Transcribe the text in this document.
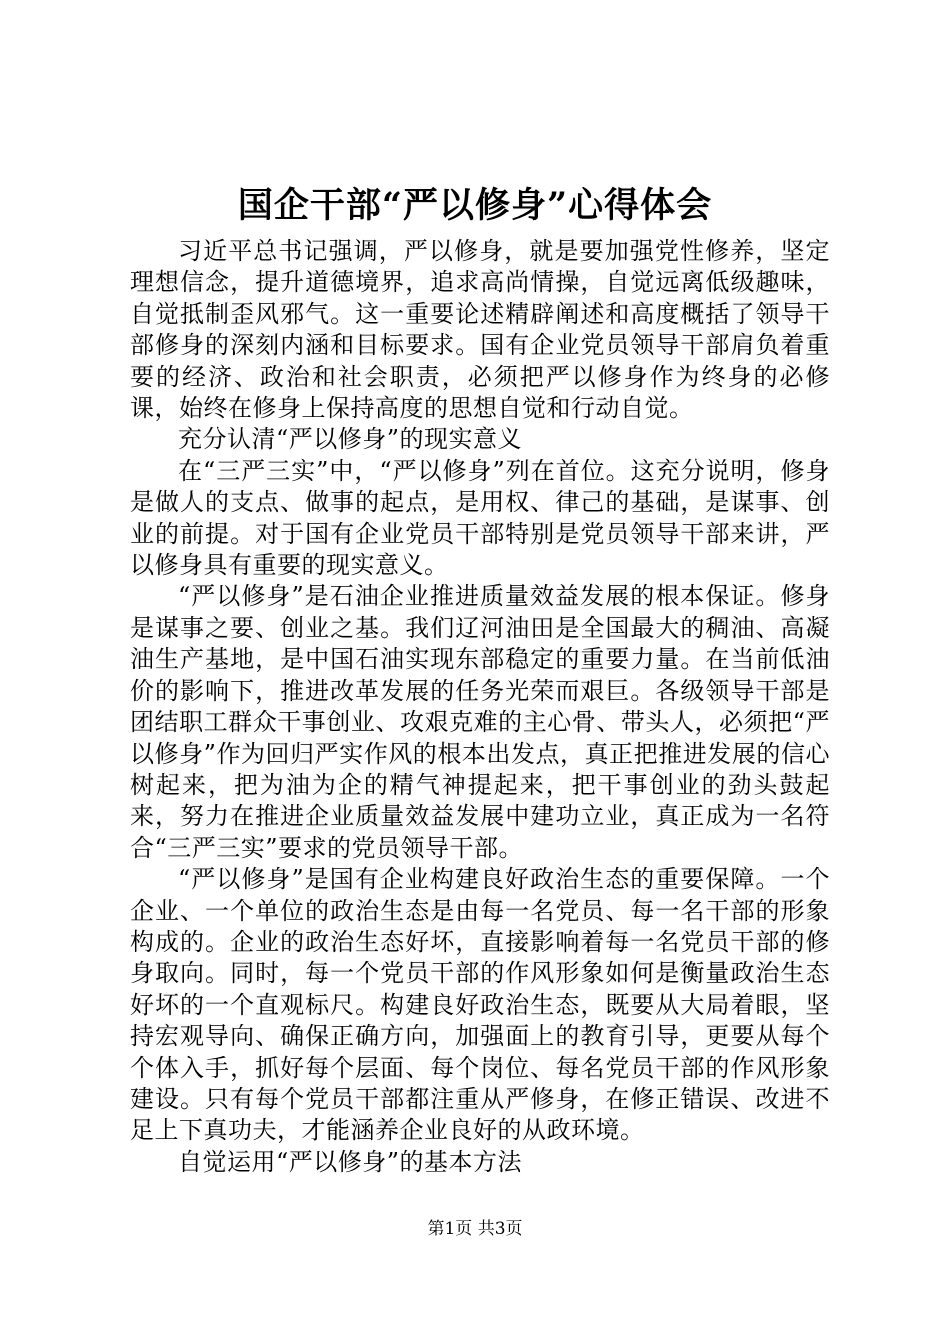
国企干部“严以修身”心得体会

习近平总书记强调，严以修身，就是要加强党性修养，坚定理想信念，提升道德境界，追求高尚情操，自觉远离低级趣味，自觉抵制歪风邪气。这一重要论述精辟阐述和高度概括了领导干部修身的深刻内涵和目标要求。国有企业党员领导干部肩负着重要的经济、政治和社会职责，必须把严以修身作为终身的必修课，始终在修身上保持高度的思想自觉和行动自觉。

充分认清“严以修身”的现实意义

在“三严三实”中，“严以修身”列在首位。这充分说明，修身是做人的支点、做事的起点，是用权、律己的基础，是谋事、创业的前提。对于国有企业党员干部特别是党员领导干部来讲，严以修身具有重要的现实意义。

“严以修身”是石油企业推进质量效益发展的根本保证。修身是谋事之要、创业之基。我们辽河油田是全国最大的稠油、高凝油生产基地，是中国石油实现东部稳定的重要力量。在当前低油价的影响下，推进改革发展的任务光荣而艰巨。各级领导干部是团结职工群众干事创业、攻艰克难的主心骨、带头人，必须把“严以修身”作为回归严实作风的根本出发点，真正把推进发展的信心树起来，把为油为企的精气神提起来，把干事创业的劲头鼓起来，努力在推进企业质量效益发展中建功立业，真正成为一名符合“三严三实”要求的党员领导干部。

“严以修身”是国有企业构建良好政治生态的重要保障。一个企业、一个单位的政治生态是由每一名党员、每一名干部的形象构成的。企业的政治生态好坏，直接影响着每一名党员干部的修身取向。同时，每一个党员干部的作风形象如何是衡量政治生态好坏的一个直观标尺。构建良好政治生态，既要从大局着眼，坚持宏观导向、确保正确方向，加强面上的教育引导，更要从每个个体入手，抓好每个层面、每个岗位、每名党员干部的作风形象建设。只有每个党员干部都注重从严修身，在修正错误、改进不足上下真功夫，才能涵养企业良好的从政环境。

自觉运用“严以修身”的基本方法

第1页 共3页
